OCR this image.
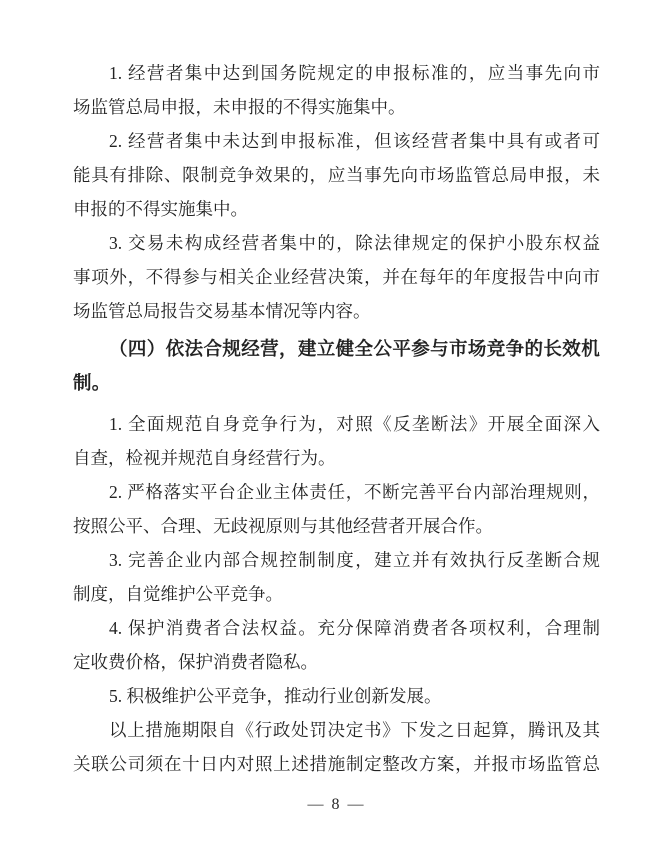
1. 经营者集中达到国务院规定的申报标准的，应当事先向市
场监管总局申报，未申报的不得实施集中。
2. 经营者集中未达到申报标准，但该经营者集中具有或者可
能具有排除、限制竞争效果的，应当事先向市场监管总局申报，未
申报的不得实施集中。
3. 交易未构成经营者集中的，除法律规定的保护小股东权益
事项外，不得参与相关企业经营决策，并在每年的年度报告中向市
场监管总局报告交易基本情况等内容。
（四）依法合规经营，建立健全公平参与市场竞争的长效机
制。
1. 全面规范自身竞争行为，对照《反垄断法》开展全面深入
自查，检视并规范自身经营行为。
2. 严格落实平台企业主体责任，不断完善平台内部治理规则，
按照公平、合理、无歧视原则与其他经营者开展合作。
3. 完善企业内部合规控制制度，建立并有效执行反垄断合规
制度，自觉维护公平竞争。
4. 保护消费者合法权益。充分保障消费者各项权利，合理制
定收费价格，保护消费者隐私。
5. 积极维护公平竞争，推动行业创新发展。
以上措施期限自《行政处罚决定书》下发之日起算，腾讯及其
关联公司须在十日内对照上述措施制定整改方案，并报市场监管总
— 8 —
